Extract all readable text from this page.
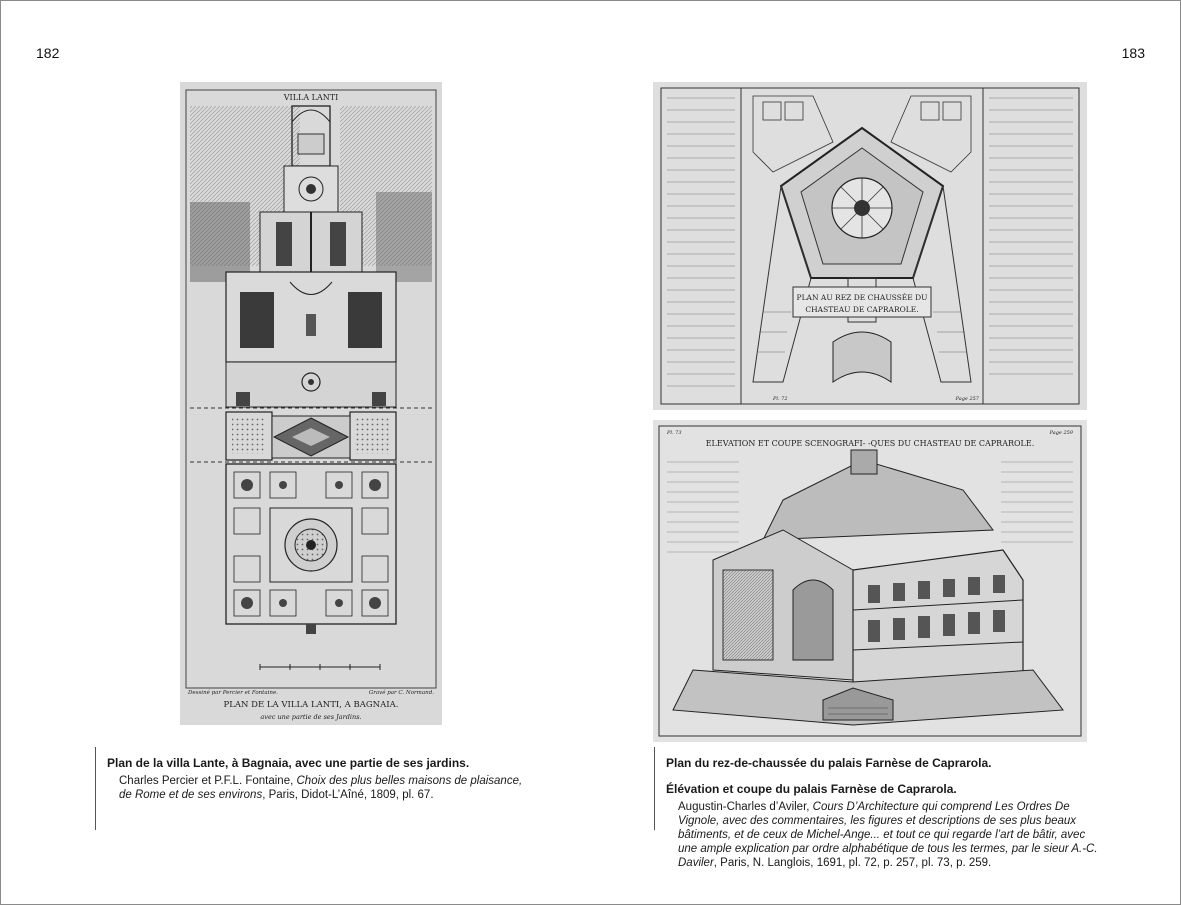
182	183
VILLA LANTI
Dessiné par Percier et Fontaine.	Gravé par C. Normand.
PLAN DE LA VILLA LANTI, A BAGNAIA.
avec une partie de ses Jardins.
PLAN AU REZ DE CHAUSSÉE DU
CHASTEAU DE CAPRAROLE.
Pl. 72	Page 257
ELEVATION ET COUPE SCENOGRAFI- -QUES DU CHASTEAU DE CAPRAROLE.
Pl. 73	Page 259
Plan de la villa Lante, à Bagnaia, avec une partie de ses jardins.
Charles Percier et P.F.L. Fontaine, Choix des plus belles maisons de plaisance, de Rome et de ses environs, Paris, Didot-L’Aîné, 1809, pl. 67.
Plan du rez-de-chaussée du palais Farnèse de Caprarola.
Élévation et coupe du palais Farnèse de Caprarola.
Augustin-Charles d’Aviler, Cours D’Architecture qui comprend Les Ordres De Vignole, avec des commentaires, les figures et descriptions de ses plus beaux bâtiments, et de ceux de Michel-Ange... et tout ce qui regarde l’art de bâtir, avec une ample explication par ordre alphabétique de tous les termes, par le sieur A.-C. Daviler, Paris, N. Langlois, 1691, pl. 72, p. 257, pl. 73, p. 259.
